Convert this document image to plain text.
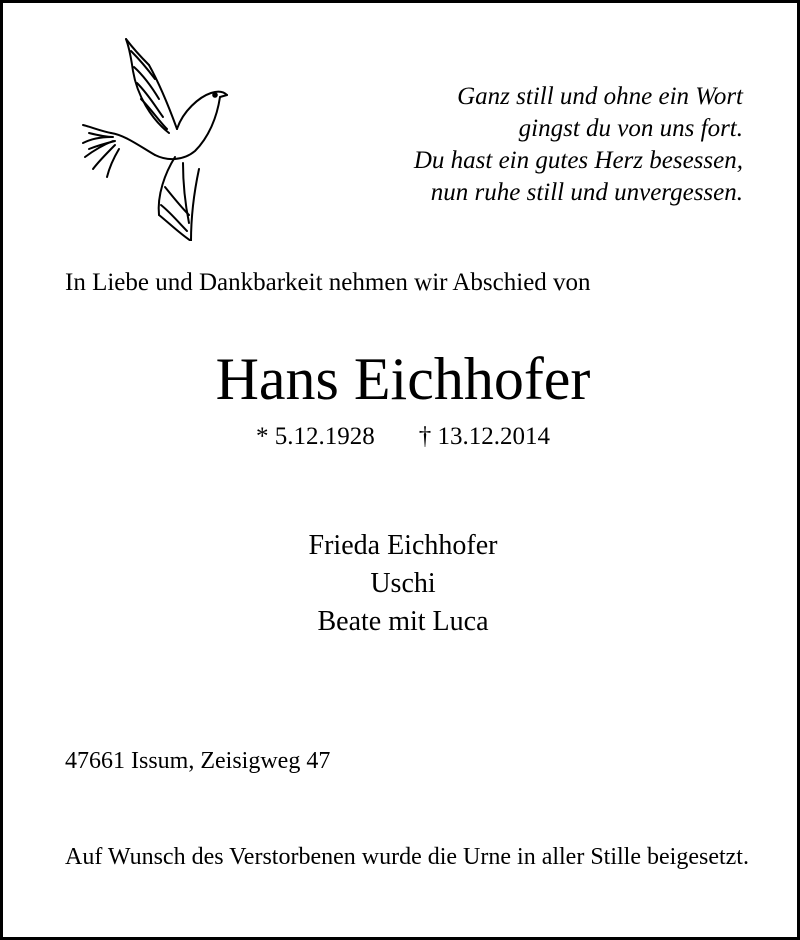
Ganz still und ohne ein Wort
gingst du von uns fort.
Du hast ein gutes Herz besessen,
nun ruhe still und unvergessen.
In Liebe und Dankbarkeit nehmen wir Abschied von
Hans Eichhofer
* 5.12.1928 † 13.12.2014
Frieda Eichhofer
Uschi
Beate mit Luca
47661 Issum, Zeisigweg 47
Auf Wunsch des Verstorbenen wurde die Urne in aller Stille beigesetzt.
